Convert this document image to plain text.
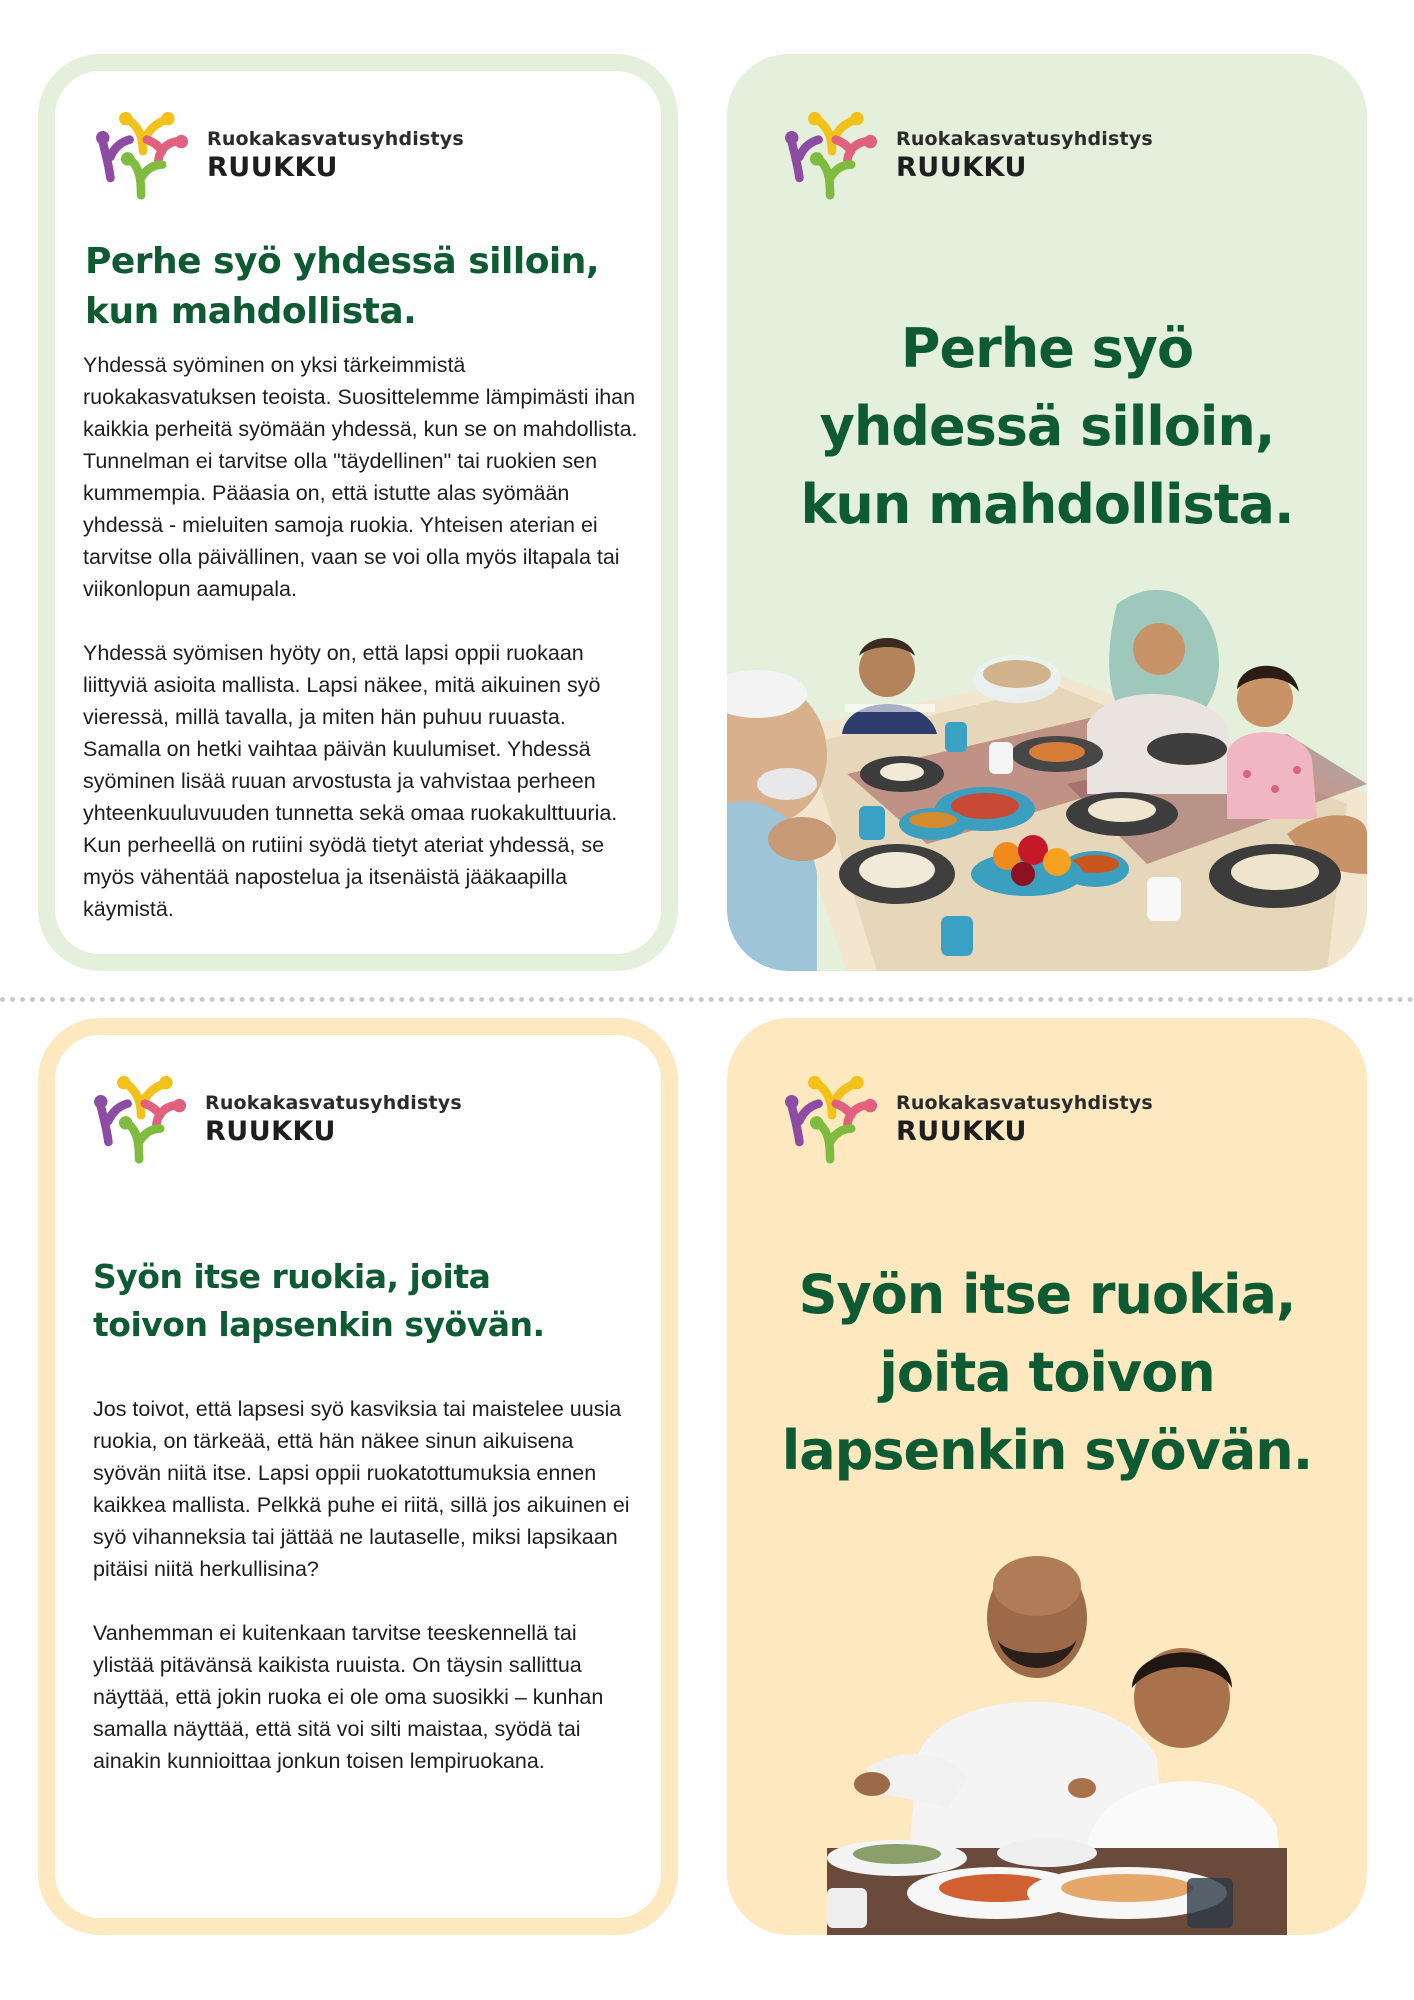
Ruokakasvatusyhdistys
RUUKKU
Perhe syö yhdessä silloin,
kun mahdollista.

Yhdessä syöminen on yksi tärkeimmistä ruokakasvatuksen teoista. Suosittelemme lämpimästi ihan kaikkia perheitä syömään yhdessä, kun se on mahdollista. Tunnelman ei tarvitse olla "täydellinen" tai ruokien sen kummempia. Pääasia on, että istutte alas syömään yhdessä - mieluiten samoja ruokia. Yhteisen aterian ei tarvitse olla päivällinen, vaan se voi olla myös iltapala tai viikonlopun aamupala.

Yhdessä syömisen hyöty on, että lapsi oppii ruokaan liittyviä asioita mallista. Lapsi näkee, mitä aikuinen syö vieressä, millä tavalla, ja miten hän puhuu ruuasta. Samalla on hetki vaihtaa päivän kuulumiset. Yhdessä syöminen lisää ruuan arvostusta ja vahvistaa perheen yhteenkuuluvuuden tunnetta sekä omaa ruokakulttuuria. Kun perheellä on rutiini syödä tietyt ateriat yhdessä, se myös vähentää napostelua ja itsenäistä jääkaapilla käymistä.

Ruokakasvatusyhdistys
RUUKKU
Perhe syö
yhdessä silloin,
kun mahdollista.
Ruokakasvatusyhdistys
RUUKKU
Syön itse ruokia, joita
toivon lapsenkin syövän.

Jos toivot, että lapsesi syö kasviksia tai maistelee uusia ruokia, on tärkeää, että hän näkee sinun aikuisena syövän niitä itse. Lapsi oppii ruokatottumuksia ennen kaikkea mallista. Pelkkä puhe ei riitä, sillä jos aikuinen ei syö vihanneksia tai jättää ne lautaselle, miksi lapsikaan pitäisi niitä herkullisina?

Vanhemman ei kuitenkaan tarvitse teeskennellä tai ylistää pitävänsä kaikista ruuista. On täysin sallittua näyttää, että jokin ruoka ei ole oma suosikki – kunhan samalla näyttää, että sitä voi silti maistaa, syödä tai ainakin kunnioittaa jonkun toisen lempiruokana.

Ruokakasvatusyhdistys
RUUKKU
Syön itse ruokia,
joita toivon
lapsenkin syövän.
